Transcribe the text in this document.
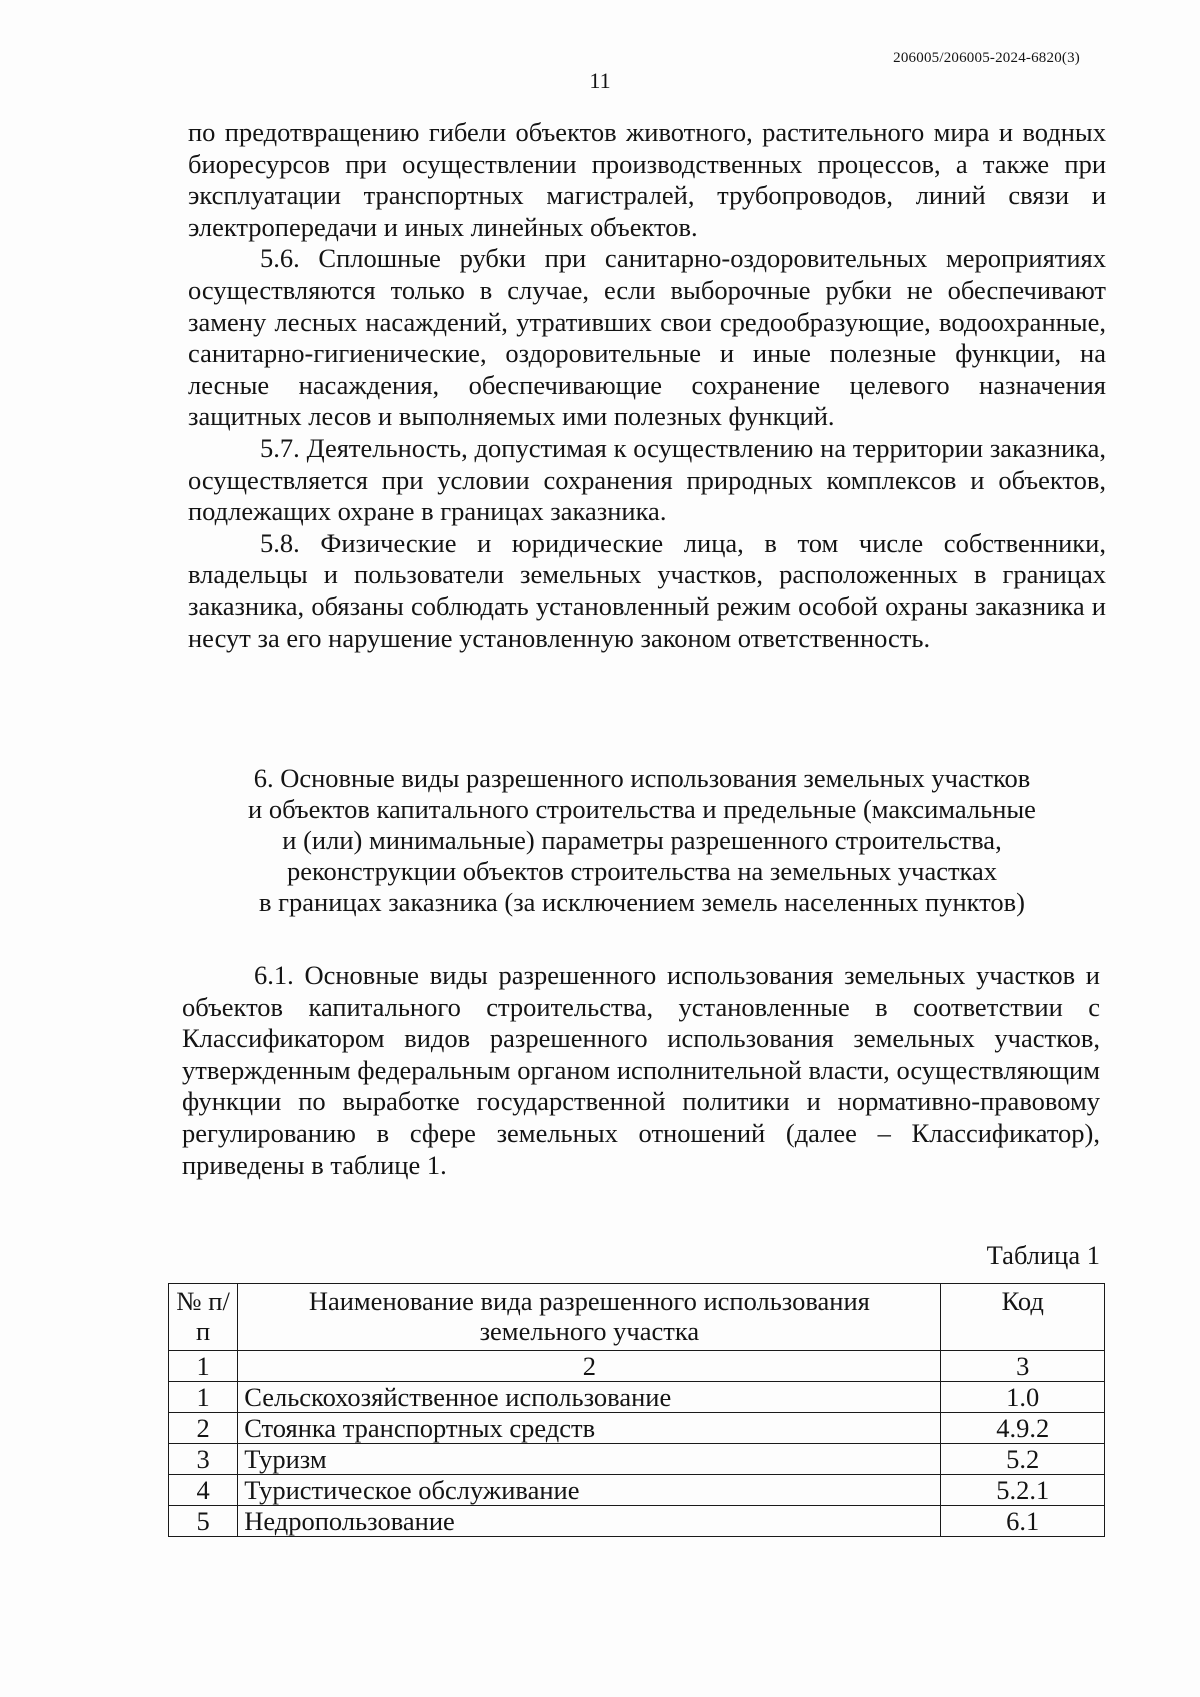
206005/206005-2024-6820(3)
11

по предотвращению гибели объектов животного, растительного мира и водных биоресурсов при осуществлении производственных процессов, а также при эксплуатации транспортных магистралей, трубопроводов, линий связи и электропередачи и иных линейных объектов.

5.6. Сплошные рубки при санитарно-оздоровительных мероприятиях осуществляются только в случае, если выборочные рубки не обеспечивают замену лесных насаждений, утративших свои средообразующие, водоохранные, санитарно-гигиенические, оздоровительные и иные полезные функции, на лесные насаждения, обеспечивающие сохранение целевого назначения защитных лесов и выполняемых ими полезных функций.

5.7. Деятельность, допустимая к осуществлению на территории заказника, осуществляется при условии сохранения природных комплексов и объектов, подлежащих охране в границах заказника.

5.8. Физические и юридические лица, в том числе собственники, владельцы и пользователи земельных участков, расположенных в границах заказника, обязаны соблюдать установленный режим особой охраны заказника и несут за его нарушение установленную законом ответственность.

6. Основные виды разрешенного использования земельных участков
и объектов капитального строительства и предельные (максимальные
и (или) минимальные) параметры разрешенного строительства,
реконструкции объектов строительства на земельных участках
в границах заказника (за исключением земель населенных пунктов)

6.1. Основные виды разрешенного использования земельных участков и объектов капитального строительства, установленные в соответствии с Классификатором видов разрешенного использования земельных участков, утвержденным федеральным органом исполнительной власти, осуществляющим функции по выработке государственной политики и нормативно-правовому регулированию в сфере земельных отношений (далее – Классификатор), приведены в таблице 1.

Таблица 1
№ п/п	Наименование вида разрешенного использования земельного участка	Код
1	2	3
1	Сельскохозяйственное использование	1.0
2	Стоянка транспортных средств	4.9.2
3	Туризм	5.2
4	Туристическое обслуживание	5.2.1
5	Недропользование	6.1
